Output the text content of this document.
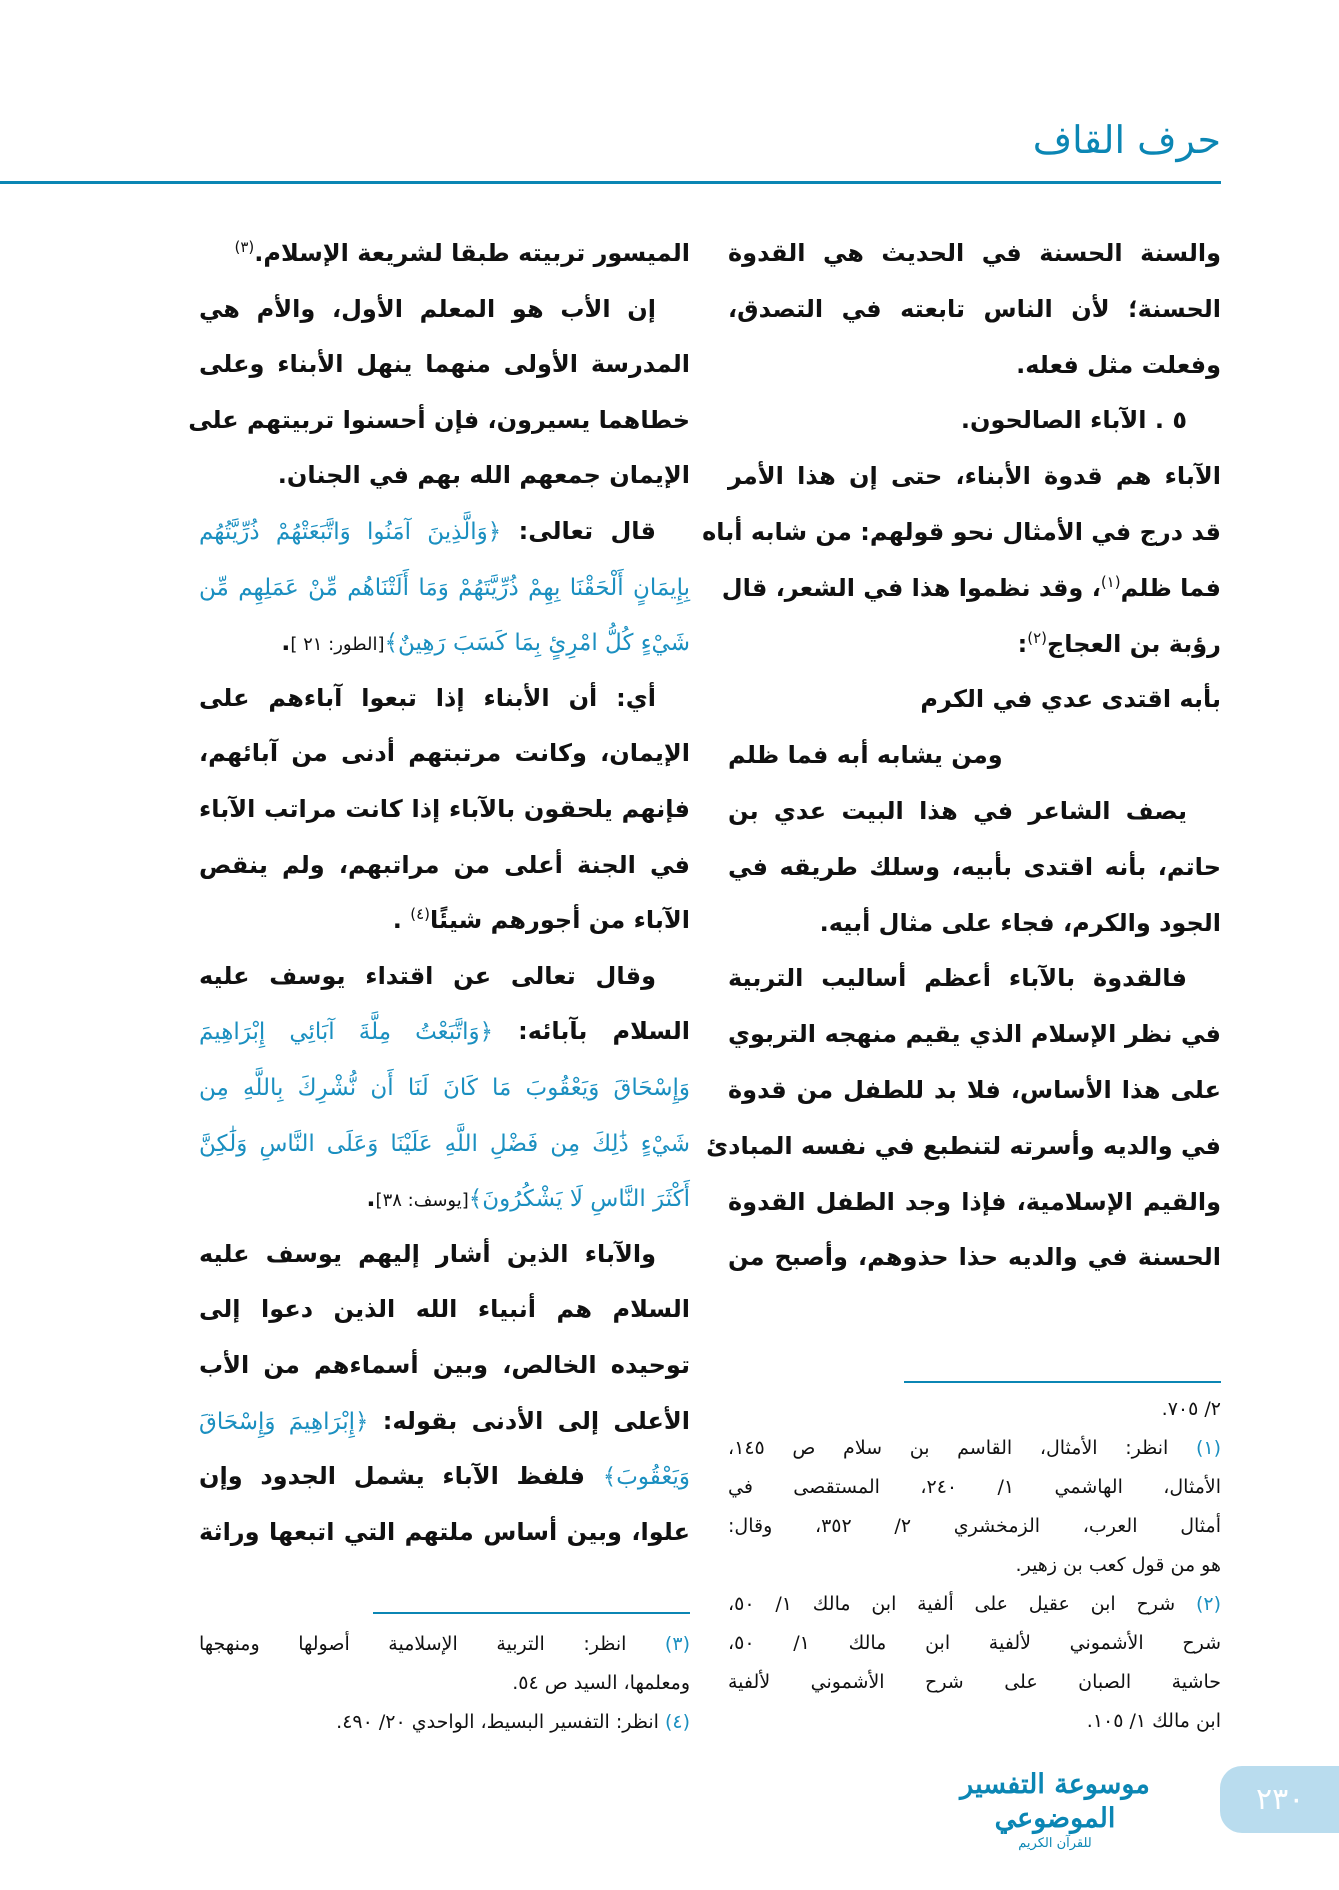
حرف القاف
والسنة الحسنة في الحديث هي القدوة
الحسنة؛ لأن الناس تابعته في التصدق،
وفعلت مثل فعله.
٥ . الآباء الصالحون.
الآباء هم قدوة الأبناء، حتى إن هذا الأمر
قد درج في الأمثال نحو قولهم: من شابه أباه
فما ظلم$^{(١)}$، وقد نظموا هذا في الشعر، قال
رؤبة بن العجاج$^{(٢)}$:
بأبه اقتدى عدي في الكرم
ومن يشابه أبه فما ظلم
يصف الشاعر في هذا البيت عدي بن
حاتم، بأنه اقتدى بأبيه، وسلك طريقه في
الجود والكرم، فجاء على مثال أبيه.
فالقدوة بالآباء أعظم أساليب التربية
في نظر الإسلام الذي يقيم منهجه التربوي
على هذا الأساس، فلا بد للطفل من قدوة
في والديه وأسرته لتنطبع في نفسه المبادئ
والقيم الإسلامية، فإذا وجد الطفل القدوة
الحسنة في والديه حذا حذوهم، وأصبح من
٢/ ٧٠٥.
(١) انظر: الأمثال، القاسم بن سلام ص ١٤٥،
الأمثال، الهاشمي ١/ ٢٤٠، المستقصى في
أمثال العرب، الزمخشري ٢/ ٣٥٢، وقال:
هو من قول كعب بن زهير.
(٢) شرح ابن عقيل على ألفية ابن مالك ١/ ٥٠،
شرح الأشموني لألفية ابن مالك ١/ ٥٠،
حاشية الصبان على شرح الأشموني لألفية
ابن مالك ١/ ١٠٥.
الميسور تربيته طبقا لشريعة الإسلام.$^{(٣)}$
إن الأب هو المعلم الأول، والأم هي
المدرسة الأولى منهما ينهل الأبناء وعلى
خطاهما يسيرون، فإن أحسنوا تربيتهم على
الإيمان جمعهم الله بهم في الجنان.
قال تعالى: ﴿وَالَّذِينَ آمَنُوا وَاتَّبَعَتْهُمْ ذُرِّيَّتُهُم
بِإِيمَانٍ أَلْحَقْنَا بِهِمْ ذُرِّيَّتَهُمْ وَمَا أَلَتْنَاهُم مِّنْ عَمَلِهِم مِّن
شَيْءٍ كُلُّ امْرِئٍ بِمَا كَسَبَ رَهِينٌ﴾[الطور: ٢١ ].
أي: أن الأبناء إذا تبعوا آباءهم على
الإيمان، وكانت مرتبتهم أدنى من آبائهم،
فإنهم يلحقون بالآباء إذا كانت مراتب الآباء
في الجنة أعلى من مراتبهم، ولم ينقص
الآباء من أجورهم شيئًا$^{(٤)}$ .
وقال تعالى عن اقتداء يوسف عليه
السلام بآبائه: ﴿وَاتَّبَعْتُ مِلَّةَ آبَائِي إِبْرَاهِيمَ
وَإِسْحَاقَ وَيَعْقُوبَ مَا كَانَ لَنَا أَن نُّشْرِكَ بِاللَّهِ مِن
شَيْءٍ ذَٰلِكَ مِن فَضْلِ اللَّهِ عَلَيْنَا وَعَلَى النَّاسِ وَلَٰكِنَّ
أَكْثَرَ النَّاسِ لَا يَشْكُرُونَ﴾[يوسف: ٣٨].
والآباء الذين أشار إليهم يوسف عليه
السلام هم أنبياء الله الذين دعوا إلى
توحيده الخالص، وبين أسماءهم من الأب
الأعلى إلى الأدنى بقوله: ﴿إِبْرَاهِيمَ وَإِسْحَاقَ
وَيَعْقُوبَ﴾ فلفظ الآباء يشمل الجدود وإن
علوا، وبين أساس ملتهم التي اتبعها وراثة
(٣) انظر: التربية الإسلامية أصولها ومنهجها
ومعلمها، السيد ص ٥٤.
(٤) انظر: التفسير البسيط، الواحدي ٢٠/ ٤٩٠.
موسوعة التفسير الموضوعي
للقرآن الكريم
٢٣٠
